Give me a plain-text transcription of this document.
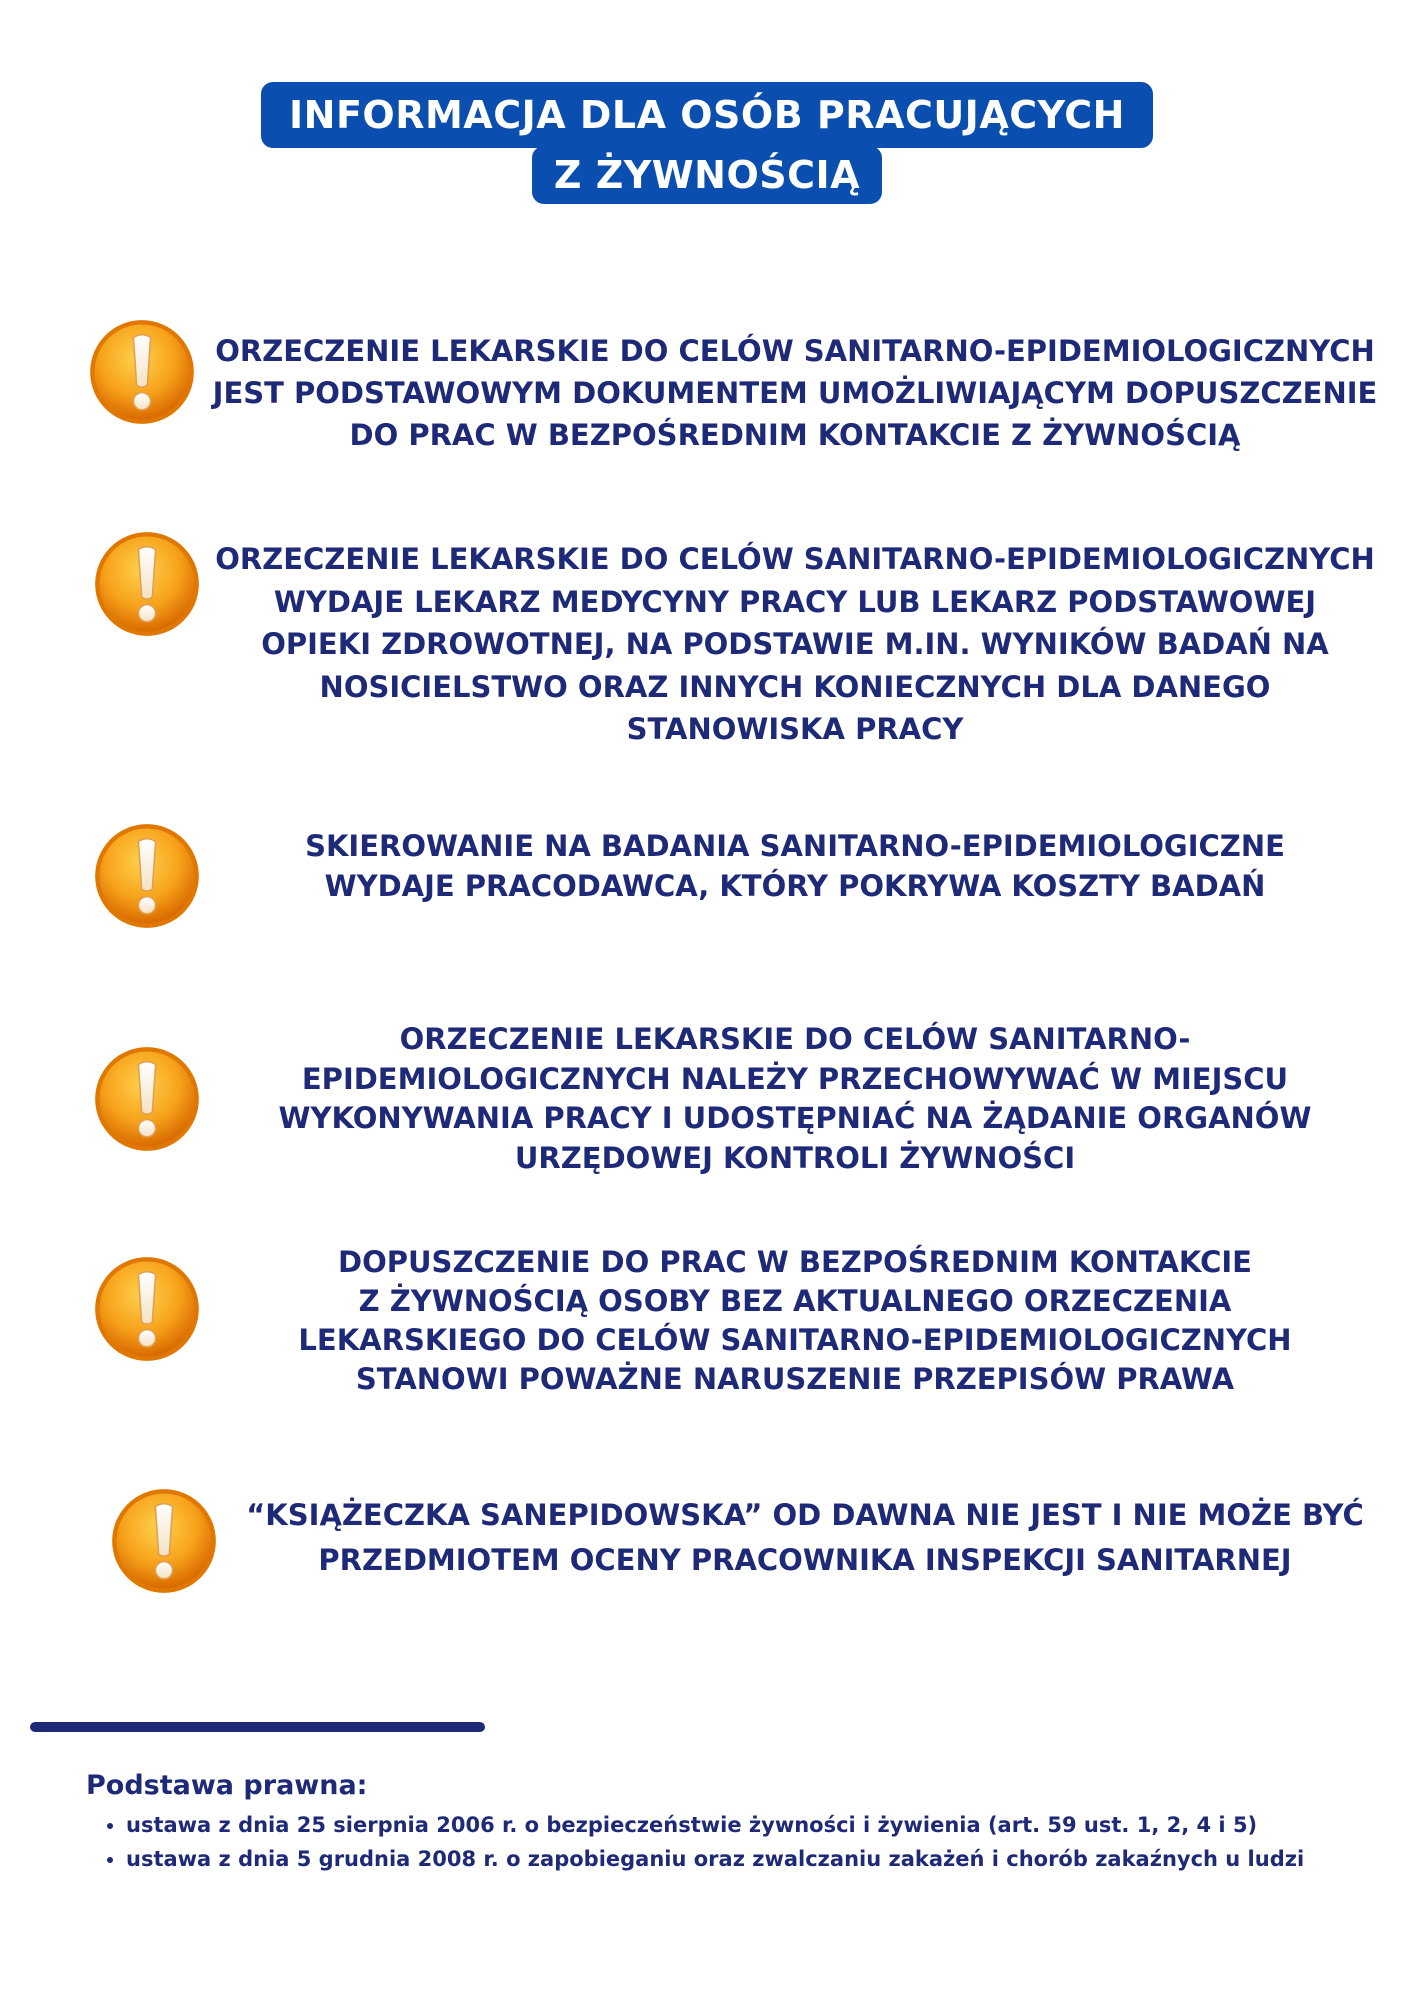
INFORMACJA DLA OSÓB PRACUJĄCYCH
Z ŻYWNOŚCIĄ

ORZECZENIE LEKARSKIE DO CELÓW SANITARNO-EPIDEMIOLOGICZNYCH
JEST PODSTAWOWYM DOKUMENTEM UMOŻLIWIAJĄCYM DOPUSZCZENIE
DO PRAC W BEZPOŚREDNIM KONTAKCIE Z ŻYWNOŚCIĄ

ORZECZENIE LEKARSKIE DO CELÓW SANITARNO-EPIDEMIOLOGICZNYCH
WYDAJE LEKARZ MEDYCYNY PRACY LUB LEKARZ PODSTAWOWEJ
OPIEKI ZDROWOTNEJ, NA PODSTAWIE M.IN. WYNIKÓW BADAŃ NA
NOSICIELSTWO ORAZ INNYCH KONIECZNYCH DLA DANEGO
STANOWISKA PRACY

SKIEROWANIE NA BADANIA SANITARNO-EPIDEMIOLOGICZNE
WYDAJE PRACODAWCA, KTÓRY POKRYWA KOSZTY BADAŃ

ORZECZENIE LEKARSKIE DO CELÓW SANITARNO-
EPIDEMIOLOGICZNYCH NALEŻY PRZECHOWYWAĆ W MIEJSCU
WYKONYWANIA PRACY I UDOSTĘPNIAĆ NA ŻĄDANIE ORGANÓW
URZĘDOWEJ KONTROLI ŻYWNOŚCI

DOPUSZCZENIE DO PRAC W BEZPOŚREDNIM KONTAKCIE
Z ŻYWNOŚCIĄ OSOBY BEZ AKTUALNEGO ORZECZENIA
LEKARSKIEGO DO CELÓW SANITARNO-EPIDEMIOLOGICZNYCH
STANOWI POWAŻNE NARUSZENIE PRZEPISÓW PRAWA

“KSIĄŻECZKA SANEPIDOWSKA” OD DAWNA NIE JEST I NIE MOŻE BYĆ
PRZEDMIOTEM OCENY PRACOWNIKA INSPEKCJI SANITARNEJ

Podstawa prawna:
• ustawa z dnia 25 sierpnia 2006 r. o bezpieczeństwie żywności i żywienia (art. 59 ust. 1, 2, 4 i 5)
• ustawa z dnia 5 grudnia 2008 r. o zapobieganiu oraz zwalczaniu zakażeń i chorób zakaźnych u ludzi
